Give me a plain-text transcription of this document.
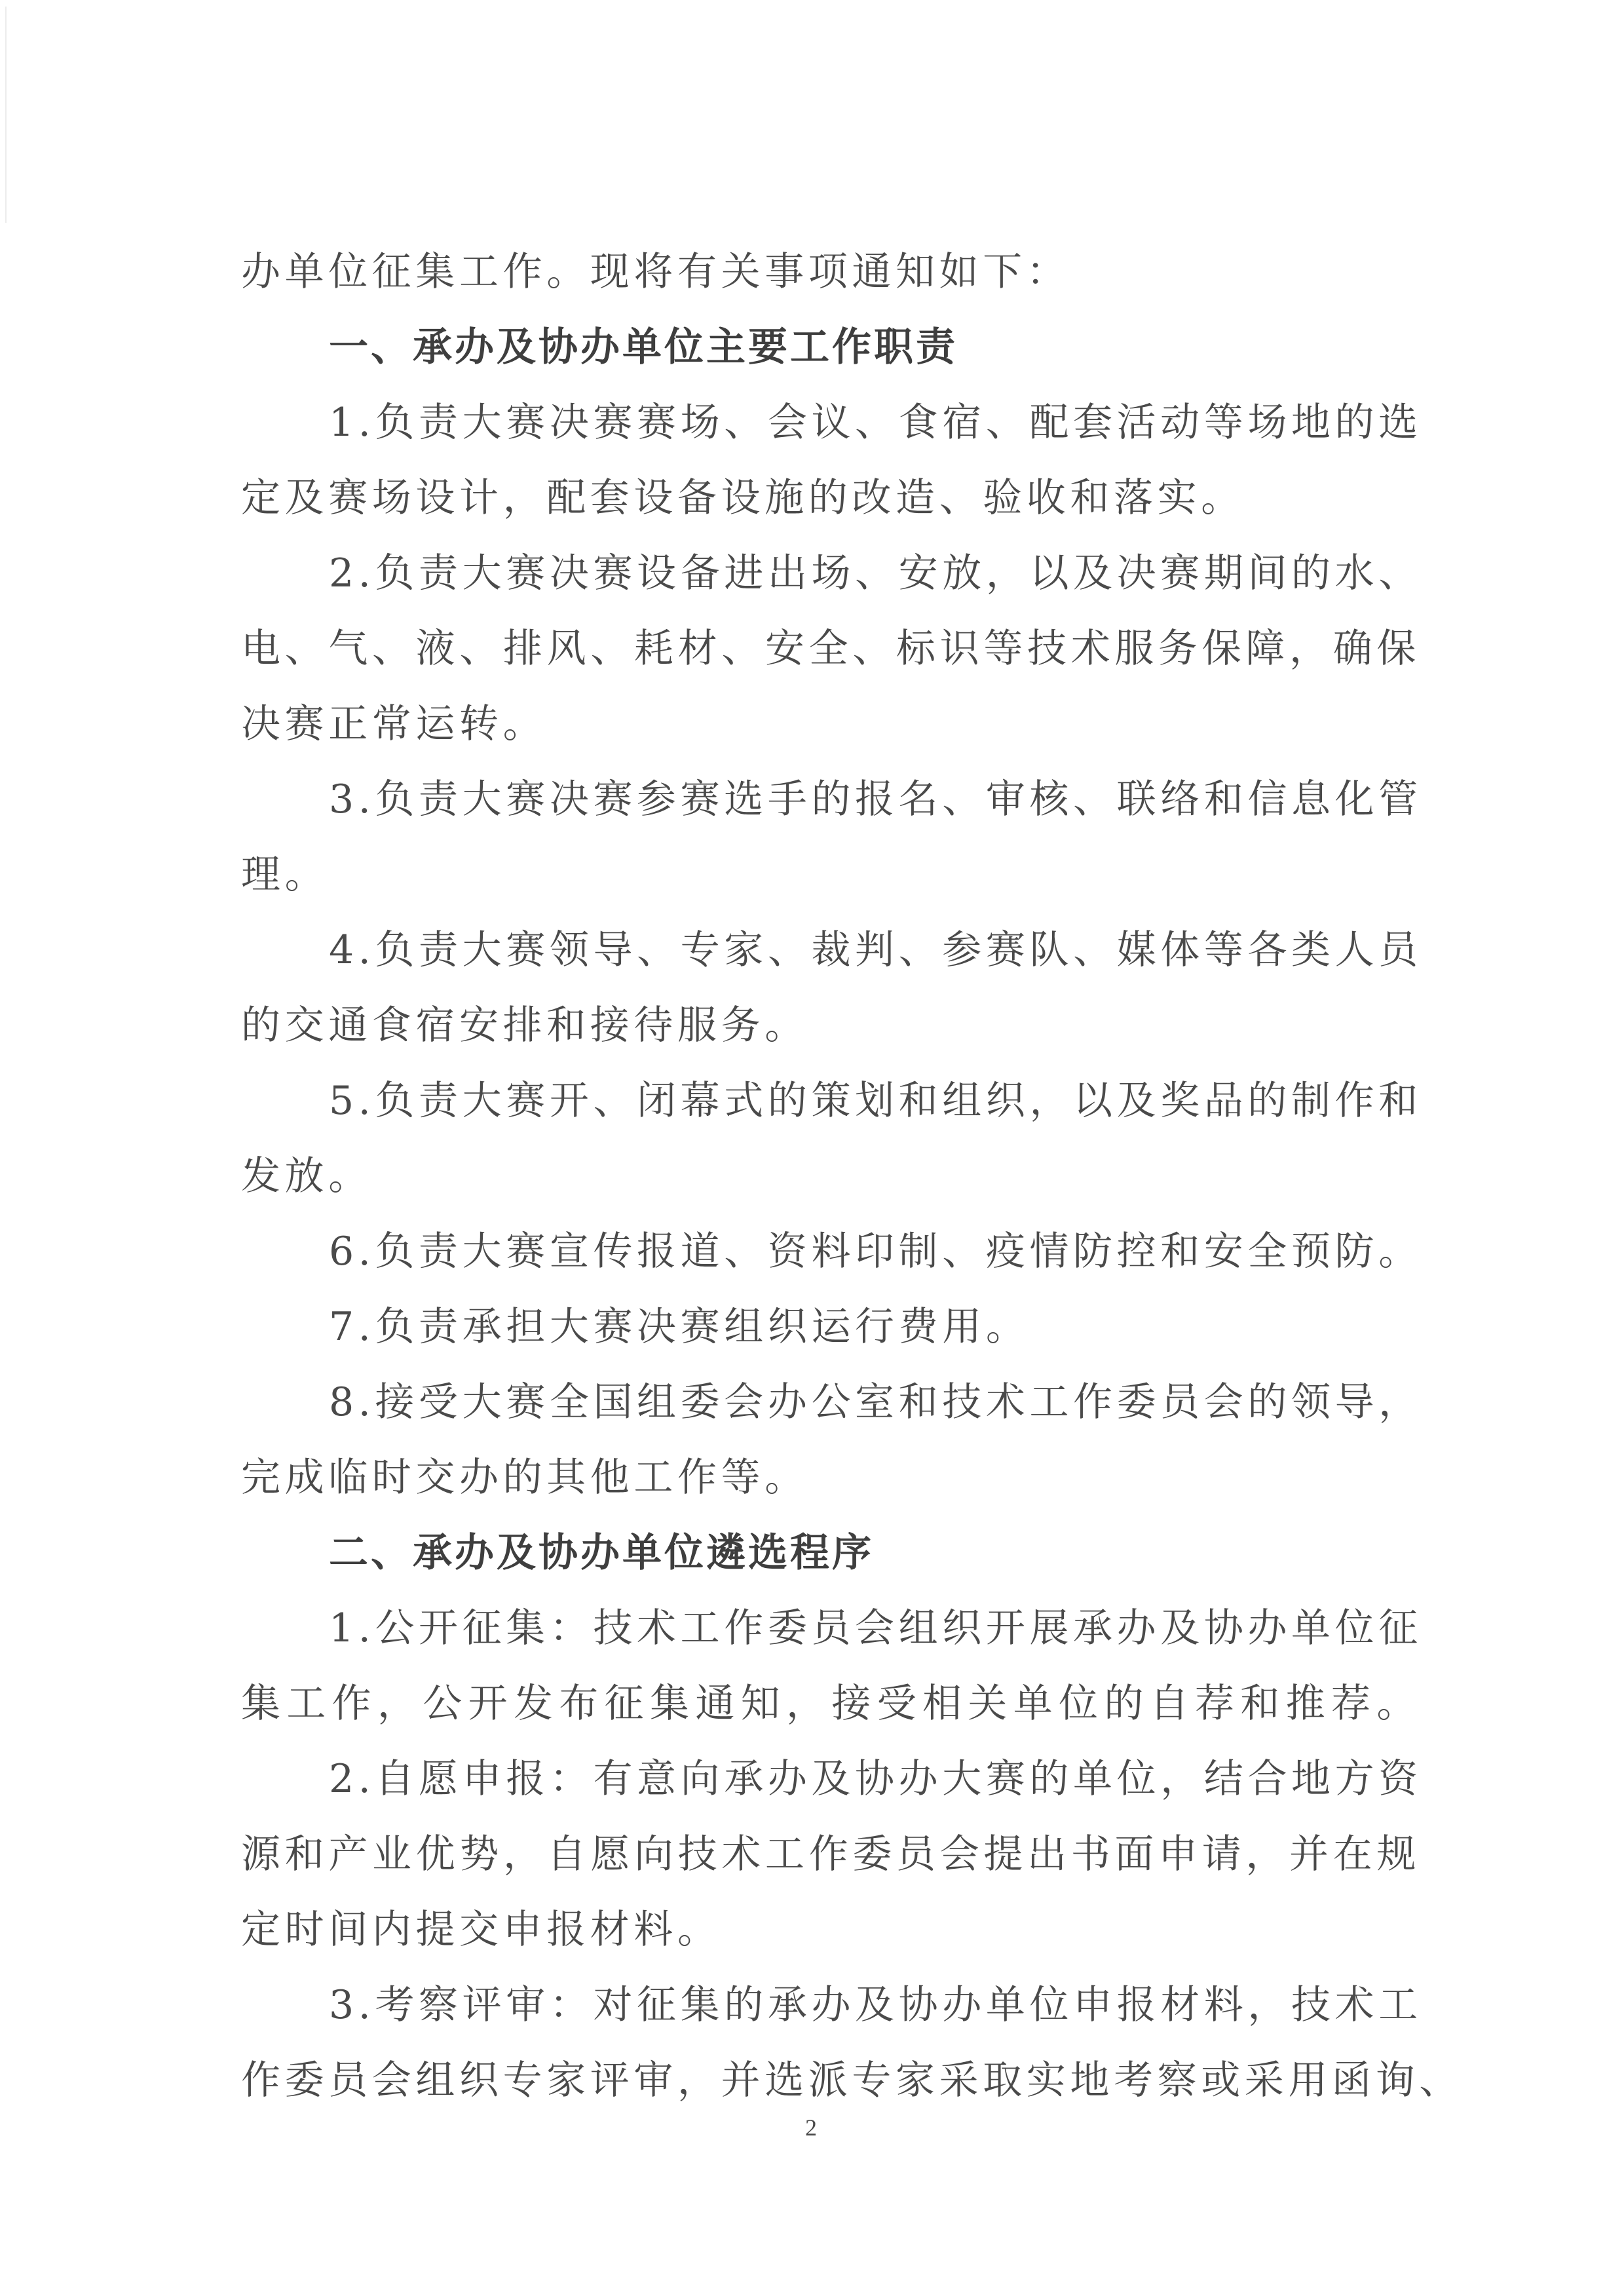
办单位征集工作。现将有关事项通知如下：
一、承办及协办单位主要工作职责
1.负责大赛决赛赛场、会议、食宿、配套活动等场地的选
定及赛场设计，配套设备设施的改造、验收和落实。
2.负责大赛决赛设备进出场、安放，以及决赛期间的水、
电、气、液、排风、耗材、安全、标识等技术服务保障，确保
决赛正常运转。
3.负责大赛决赛参赛选手的报名、审核、联络和信息化管
理。
4.负责大赛领导、专家、裁判、参赛队、媒体等各类人员
的交通食宿安排和接待服务。
5.负责大赛开、闭幕式的策划和组织，以及奖品的制作和
发放。
6.负责大赛宣传报道、资料印制、疫情防控和安全预防。
7.负责承担大赛决赛组织运行费用。
8.接受大赛全国组委会办公室和技术工作委员会的领导，
完成临时交办的其他工作等。
二、承办及协办单位遴选程序
1.公开征集：技术工作委员会组织开展承办及协办单位征
集工作，公开发布征集通知，接受相关单位的自荐和推荐。
2.自愿申报：有意向承办及协办大赛的单位，结合地方资
源和产业优势，自愿向技术工作委员会提出书面申请，并在规
定时间内提交申报材料。
3.考察评审：对征集的承办及协办单位申报材料，技术工
作委员会组织专家评审，并选派专家采取实地考察或采用函询、
2
